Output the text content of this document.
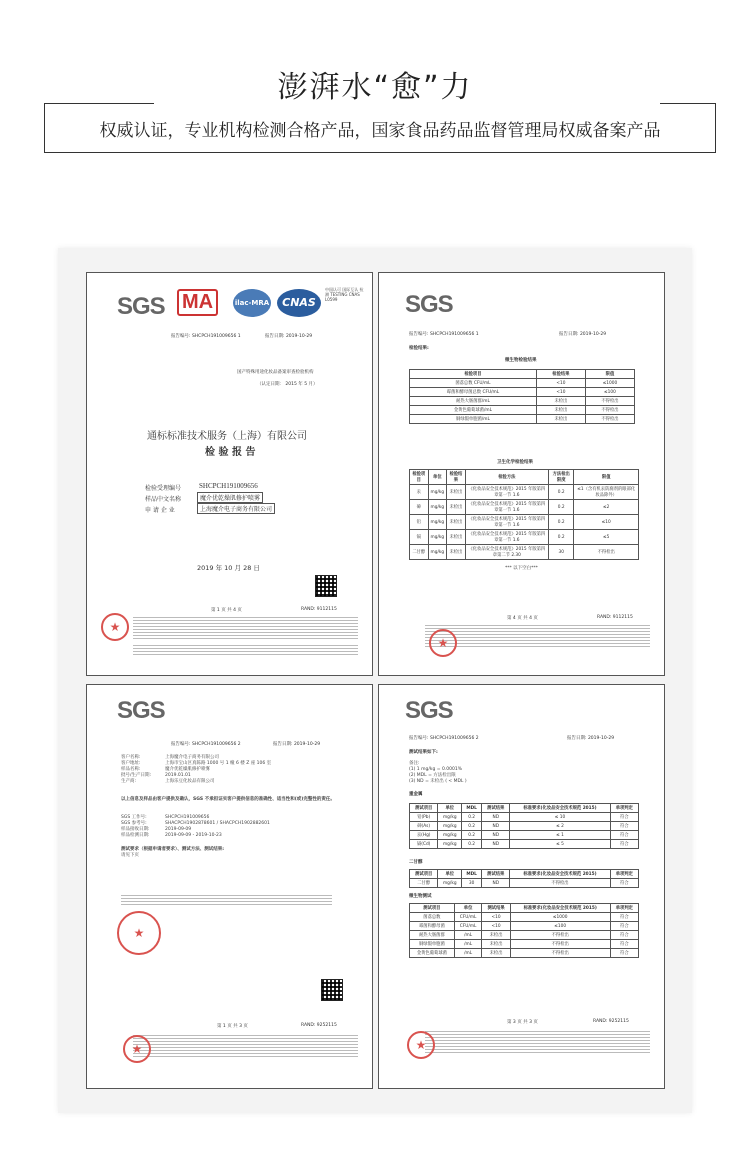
澎湃水“愈”力
权威认证，专业机构检测合格产品，国家食品药品监督管理局权威备案产品
SGS MA	ilac-MRA	CNAS
中国认可 国际互认 检测 TESTING CNAS L0599
报告编号: SHCPCH191009656 1	报告日期: 2019-10-29
国产特殊用途化妆品备案审查检验机构
（认定日期： 2015 年 5 月）
通标标准技术服务（上海）有限公司
检 验 报 告
检验受理编号	SHCPCH191009656
样品中文名称	魔介优乾燥肌修护喷雾
申 请 企 业	上海魔介电子商务有限公司
2019 年 10 月 28 日
第 1 页 共 4 页	RAND: 9112115
★
SGS
报告编号: SHCPCH191009656 1	报告日期: 2019-10-29
检验结果:
微生物检验结果
检验项目	检验结果	限值
菌落总数 CFU/mL	<10	≤1000
霉菌和酵母菌总数 CFU/mL	<10	≤100
耐热大肠菌群/mL	未检出	不得检出
金黄色葡萄球菌/mL	未检出	不得检出
铜绿假单胞菌/mL	未检出	不得检出
卫生化学检验结果
检验项目	单位	检验结果	检验方法	方法检出限度	限值
汞	mg/kg	未检出	《化妆品安全技术规范》2015 年版第四章第一节 1.6	0.2	≤1（含有机汞防腐剂的眼部化妆品除外）
砷	mg/kg	未检出	《化妆品安全技术规范》2015 年版第四章第一节 1.6	0.2	≤2
铅	mg/kg	未检出	《化妆品安全技术规范》2015 年版第四章第一节 1.6	0.2	≤10
镉	mg/kg	未检出	《化妆品安全技术规范》2015 年版第四章第一节 1.6	0.2	≤5
二甘醇	mg/kg	未检出	《化妆品安全技术规范》2015 年版第四章第二节 2.30	30	不得检出
*** 以下空白***
第 4 页 共 4 页	RAND: 9112115
★
SGS
报告编号: SHCPCH191009656 2	报告日期: 2019-10-29
客户名称:	上海魔介电子商务有限公司
客户地址:	上海市宝山区真陈路 1000 号 1 幢 6 楼 Z 座 106 室
样品名称:	魔介优乾燥肌修护喷雾
批号/生产日期:	2019.01.01
生产商:	上海乐豆化妆品有限公司
以上信息及样品由客户提供及确认，SGS 不承担证实客户提供信息的准确性、适当性和(或)完整性的责任。
SGS 工作号:	SHCPCH191009656
SGS 参考号:	SHACPCH1902878601 / SHACPCH1902882601
样品接收日期:	2019-09-09
样品检测日期:	2019-09-09 - 2019-10-23
测试要求（根据申请者要求）、测试方法、测试结果:
请见下页
★
第 1 页 共 3 页	RAND: 9252115
★
SGS
报告编号: SHCPCH191009656 2	报告日期: 2019-10-29
测试结果如下:
备注:
(1) 1 mg/kg = 0.0001%
(2) MDL = 方法检出限
(3) ND = 未检出 ( < MDL )
重金属
测试项目	单位	MDL	测试结果	标准要求(化妆品安全技术规范 2015)	单项判定
铅(Pb)	mg/kg	0.2	ND	≤ 10	符合
砷(As)	mg/kg	0.2	ND	≤ 2	符合
汞(Hg)	mg/kg	0.2	ND	≤ 1	符合
镉(Cd)	mg/kg	0.2	ND	≤ 5	符合
二甘醇
测试项目	单位	MDL	测试结果	标准要求(化妆品安全技术规范 2015)	单项判定
二甘醇	mg/kg	30	ND	不得检出	符合
微生物测试
测试项目	单位	测试结果	标准要求(化妆品安全技术规范 2015)	单项判定
菌落总数	CFU/mL	<10	≤1000	符合
霉菌和酵母菌	CFU/mL	<10	≤100	符合
耐热大肠菌群	/mL	未检出	不得检出	符合
铜绿假单胞菌	/mL	未检出	不得检出	符合
金黄色葡萄球菌	/mL	未检出	不得检出	符合
第 3 页 共 3 页	RAND: 9252115
★
